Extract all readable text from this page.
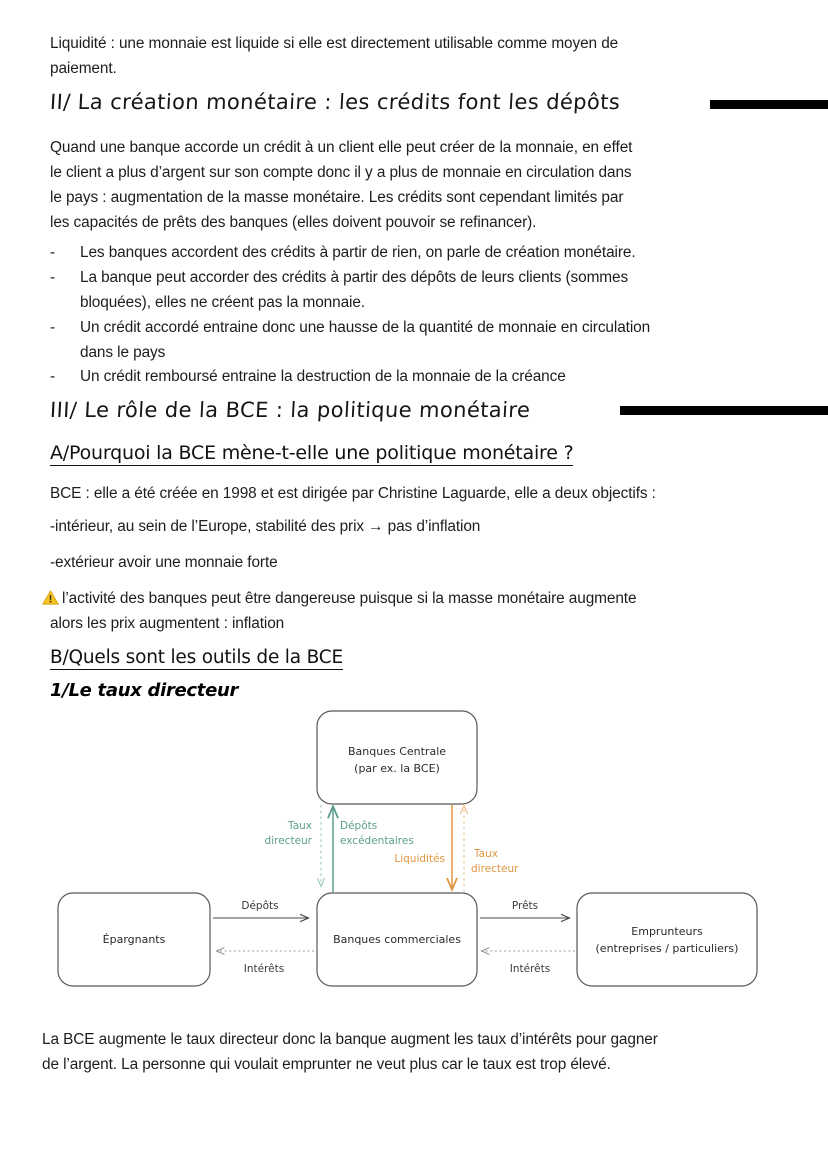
Liquidité : une monnaie est liquide si elle est directement utilisable comme moyen de
paiement.
II/ La création monétaire : les crédits font les dépôts
Quand une banque accorde un crédit à un client elle peut créer de la monnaie, en effet
le client a plus d’argent sur son compte donc il y a plus de monnaie en circulation dans
le pays : augmentation de la masse monétaire. Les crédits sont cependant limités par
les capacités de prêts des banques (elles doivent pouvoir se refinancer).
-	Les banques accordent des crédits à partir de rien, on parle de création monétaire.
-	La banque peut accorder des crédits à partir des dépôts de leurs clients (sommes
bloquées), elles ne créent pas la monnaie.
-	Un crédit accordé entraine donc une hausse de la quantité de monnaie en circulation
dans le pays
-	Un crédit remboursé entraine la destruction de la monnaie de la créance
III/ Le rôle de la BCE : la politique monétaire
A/Pourquoi la BCE mène-t-elle une politique monétaire ?
BCE : elle a été créée en 1998 et est dirigée par Christine Laguarde, elle a deux objectifs :
-intérieur, au sein de l’Europe, stabilité des prix → pas d’inflation
-extérieur avoir une monnaie forte
l’activité des banques peut être dangereuse puisque si la masse monétaire augmente
alors les prix augmentent : inflation
B/Quels sont les outils de la BCE
1/Le taux directeur
Banques Centrale
(par ex. la BCE)
Banques commerciales
Épargnants
Emprunteurs
(entreprises / particuliers)
Taux
directeur
Dépôts
excédentaires
Liquidités	Taux
directeur
Dépôts
Intérêts
Prêts
Intérêts
La BCE augmente le taux directeur donc la banque augment les taux d’intérêts pour gagner
de l’argent. La personne qui voulait emprunter ne veut plus car le taux est trop élevé.
